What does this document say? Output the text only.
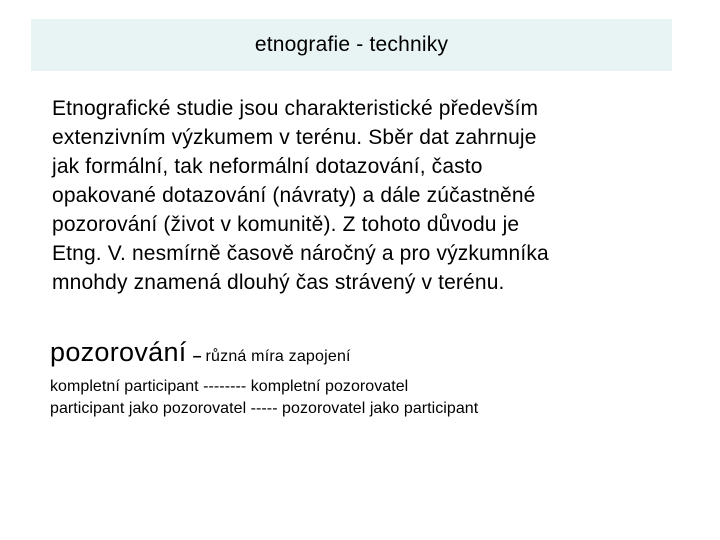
etnografie - techniky
Etnografické studie jsou charakteristické především
extenzivním výzkumem v terénu. Sběr dat zahrnuje
jak formální, tak neformální dotazování, často
opakované dotazování (návraty) a dále zúčastněné
pozorování (život v komunitě). Z tohoto důvodu je
Etng. V. nesmírně časově náročný a pro výzkumníka
mnohdy znamená dlouhý čas strávený v terénu.
pozorování – různá míra zapojení
kompletní participant -------- kompletní pozorovatel
participant jako pozorovatel ----- pozorovatel jako participant
